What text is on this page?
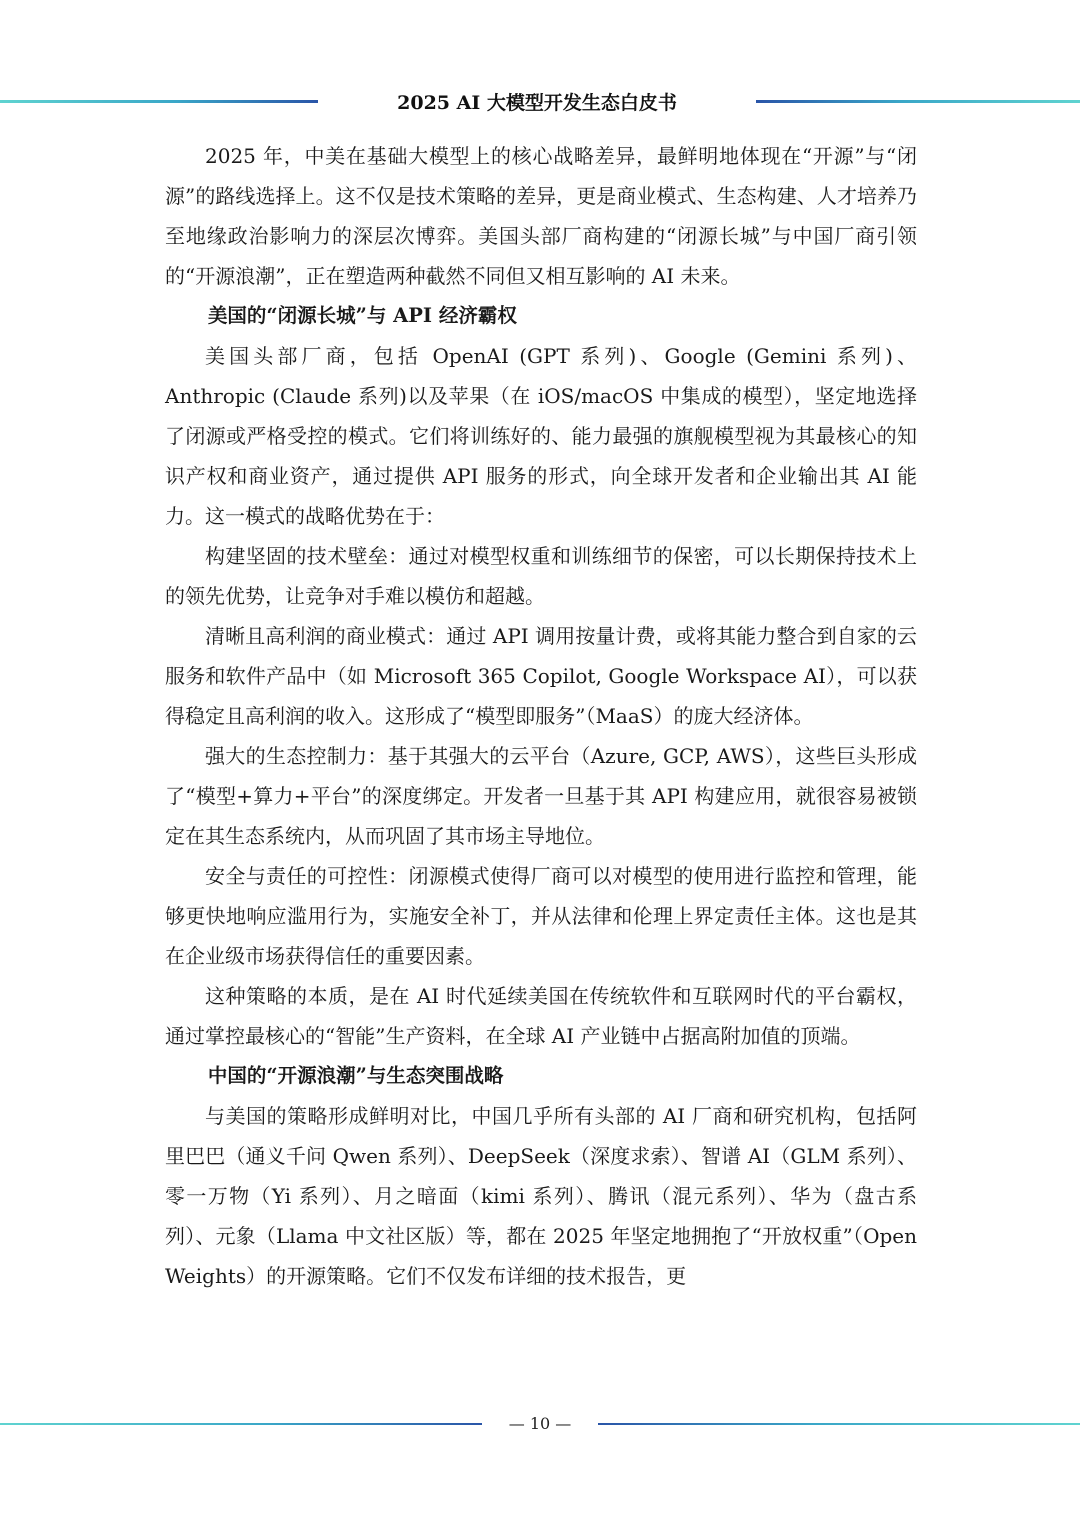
2025 AI 大模型开发生态白皮书

2025 年，中美在基础大模型上的核心战略差异，最鲜明地体现在“开源”与“闭源”的路线选择上。这不仅是技术策略的差异，更是商业模式、生态构建、人才培养乃至地缘政治影响力的深层次博弈。美国头部厂商构建的“闭源长城”与中国厂商引领的“开源浪潮”，正在塑造两种截然不同但又相互影响的 AI 未来。

美国的“闭源长城”与 API 经济霸权

美国头部厂商，包括 OpenAI (GPT 系列)、Google (Gemini 系列)、Anthropic (Claude 系列)以及苹果（在 iOS/macOS 中集成的模型），坚定地选择了闭源或严格受控的模式。它们将训练好的、能力最强的旗舰模型视为其最核心的知识产权和商业资产，通过提供 API 服务的形式，向全球开发者和企业输出其 AI 能力。这一模式的战略优势在于：

构建坚固的技术壁垒：通过对模型权重和训练细节的保密，可以长期保持技术上的领先优势，让竞争对手难以模仿和超越。

清晰且高利润的商业模式：通过 API 调用按量计费，或将其能力整合到自家的云服务和软件产品中（如 Microsoft 365 Copilot, Google Workspace AI），可以获得稳定且高利润的收入。这形成了“模型即服务”（MaaS）的庞大经济体。

强大的生态控制力：基于其强大的云平台（Azure, GCP, AWS），这些巨头形成了“模型+算力+平台”的深度绑定。开发者一旦基于其 API 构建应用，就很容易被锁定在其生态系统内，从而巩固了其市场主导地位。

安全与责任的可控性：闭源模式使得厂商可以对模型的使用进行监控和管理，能够更快地响应滥用行为，实施安全补丁，并从法律和伦理上界定责任主体。这也是其在企业级市场获得信任的重要因素。

这种策略的本质，是在 AI 时代延续美国在传统软件和互联网时代的平台霸权，通过掌控最核心的“智能”生产资料，在全球 AI 产业链中占据高附加值的顶端。

中国的“开源浪潮”与生态突围战略

与美国的策略形成鲜明对比，中国几乎所有头部的 AI 厂商和研究机构，包括阿里巴巴（通义千问 Qwen 系列）、DeepSeek（深度求索）、智谱 AI（GLM 系列）、零一万物（Yi 系列）、月之暗面（kimi 系列）、腾讯（混元系列）、华为（盘古系列）、元象（Llama 中文社区版）等，都在 2025 年坚定地拥抱了“开放权重”（Open Weights）的开源策略。它们不仅发布详细的技术报告，更

— 10 —
